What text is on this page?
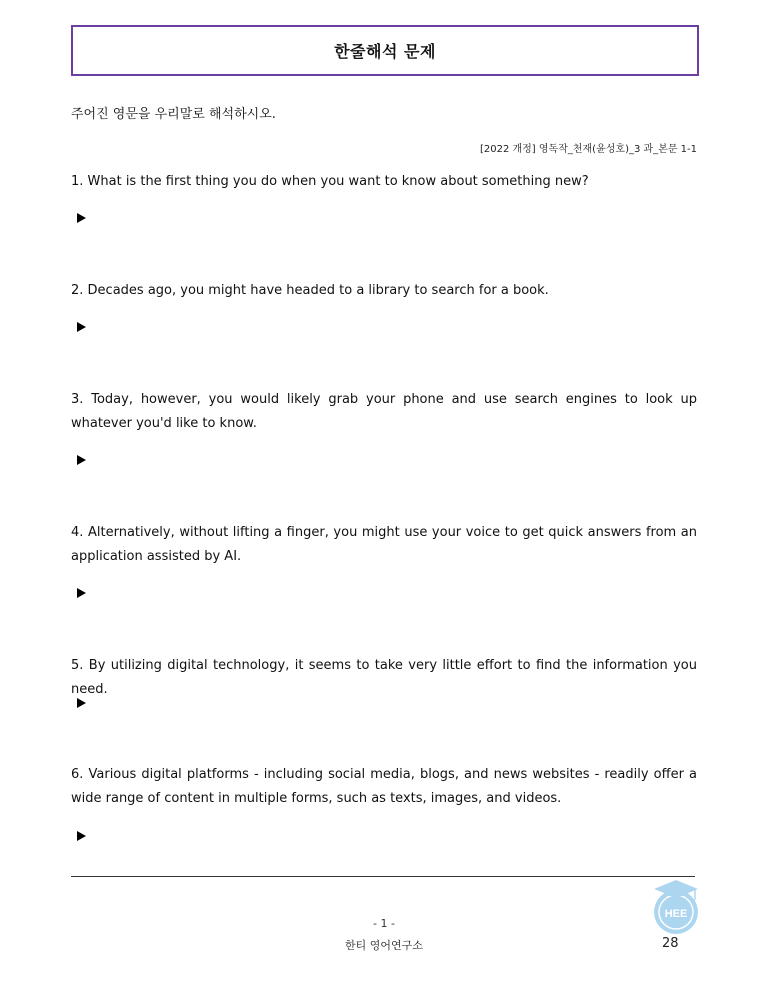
한줄해석 문제
주어진 영문을 우리말로 해석하시오.
[2022 개정] 영독작_천재(윤성호)_3 과_본문 1-1
1. What is the first thing you do when you want to know about something new?
2. Decades ago, you might have headed to a library to search for a book.
3. Today, however, you would likely grab your phone and use search engines to look up whatever you'd like to know.
4. Alternatively, without lifting a finger, you might use your voice to get quick answers from an application assisted by AI.
5. By utilizing digital technology, it seems to take very little effort to find the information you need.
6. Various digital platforms - including social media, blogs, and news websites - readily offer a wide range of content in multiple forms, such as texts, images, and videos.
HEE
- 1 -
한티 영어연구소	28
